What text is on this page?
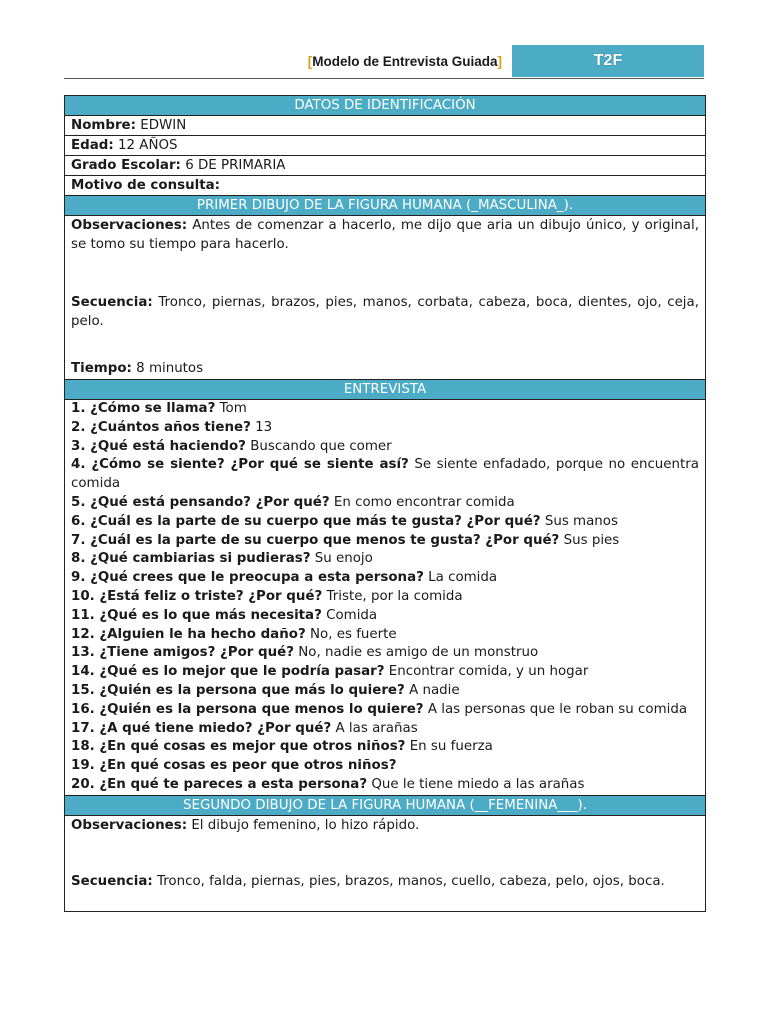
[Modelo de Entrevista Guiada]	T2F
DATOS DE IDENTIFICACIÓN
Nombre: EDWIN
Edad: 12 AÑOS
Grado Escolar: 6 DE PRIMARIA
Motivo de consulta:
PRIMER DIBUJO DE LA FIGURA HUMANA (_MASCULINA_).
Observaciones: Antes de comenzar a hacerlo, me dijo que aria un dibujo único, y original, se tomo su tiempo para hacerlo.
Secuencia: Tronco, piernas, brazos, pies, manos, corbata, cabeza, boca, dientes, ojo, ceja, pelo.
Tiempo: 8 minutos
ENTREVISTA
1. ¿Cómo se llama? Tom
2. ¿Cuántos años tiene? 13
3. ¿Qué está haciendo? Buscando que comer
4. ¿Cómo se siente? ¿Por qué se siente así? Se siente enfadado, porque no encuentra comida
5. ¿Qué está pensando? ¿Por qué? En como encontrar comida
6. ¿Cuál es la parte de su cuerpo que más te gusta? ¿Por qué? Sus manos
7. ¿Cuál es la parte de su cuerpo que menos te gusta? ¿Por qué? Sus pies
8. ¿Qué cambiarias si pudieras? Su enojo
9. ¿Qué crees que le preocupa a esta persona? La comida
10. ¿Está feliz o triste? ¿Por qué? Triste, por la comida
11. ¿Qué es lo que más necesita? Comida
12. ¿Alguien le ha hecho daño? No, es fuerte
13. ¿Tiene amigos? ¿Por qué? No, nadie es amigo de un monstruo
14. ¿Qué es lo mejor que le podría pasar? Encontrar comida, y un hogar
15. ¿Quién es la persona que más lo quiere? A nadie
16. ¿Quién es la persona que menos lo quiere? A las personas que le roban su comida
17. ¿A qué tiene miedo? ¿Por qué? A las arañas
18. ¿En qué cosas es mejor que otros niños? En su fuerza
19. ¿En qué cosas es peor que otros niños?
20. ¿En qué te pareces a esta persona? Que le tiene miedo a las arañas
SEGUNDO DIBUJO DE LA FIGURA HUMANA (__FEMENINA___).
Observaciones: El dibujo femenino, lo hizo rápido.
Secuencia: Tronco, falda, piernas, pies, brazos, manos, cuello, cabeza, pelo, ojos, boca.
